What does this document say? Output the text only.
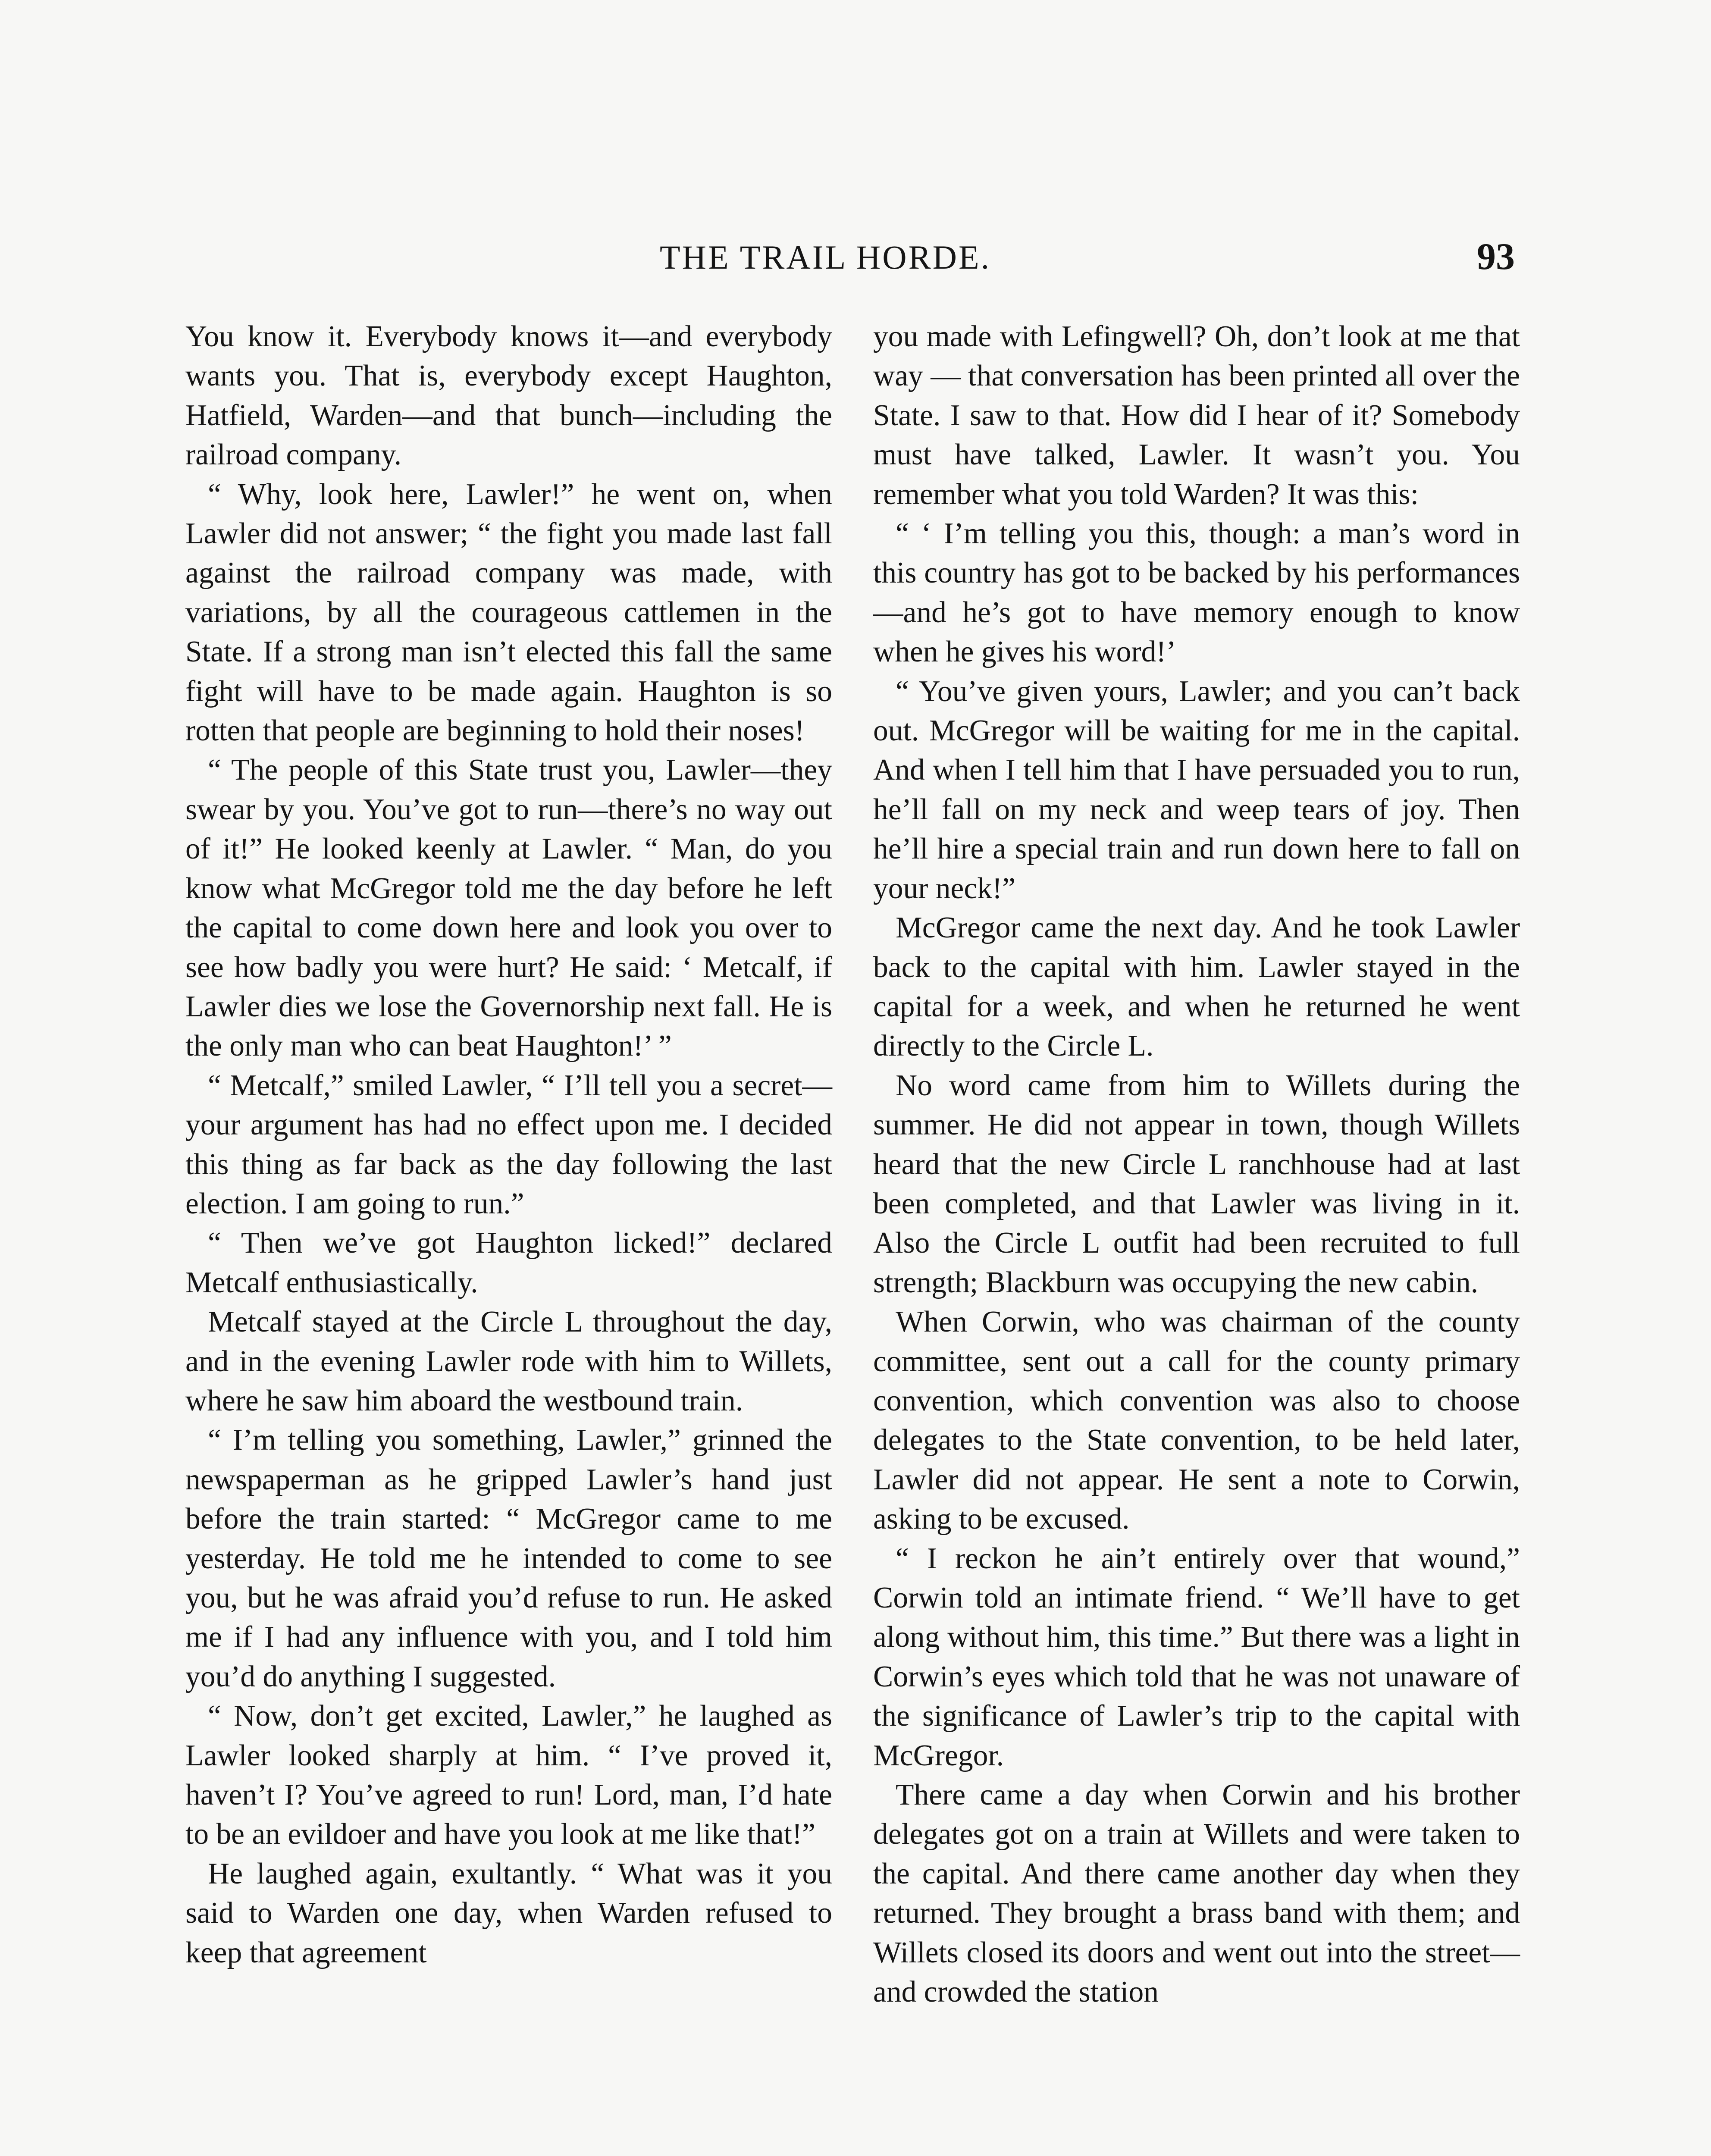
THE TRAIL HORDE.	93

You know it. Everybody knows it—and everybody wants you. That is, everybody except Haughton, Hatfield, Warden—and that bunch—including the railroad company.

“ Why, look here, Lawler!” he went on, when Lawler did not answer; “ the fight you made last fall against the railroad company was made, with variations, by all the courageous cattlemen in the State. If a strong man isn’t elected this fall the same fight will have to be made again. Haughton is so rotten that people are beginning to hold their noses!

“ The people of this State trust you, Lawler—they swear by you. You’ve got to run—there’s no way out of it!” He looked keenly at Lawler. “ Man, do you know what McGregor told me the day before he left the capital to come down here and look you over to see how badly you were hurt? He said: ‘ Metcalf, if Lawler dies we lose the Governorship next fall. He is the only man who can beat Haughton!’ ”

“ Metcalf,” smiled Lawler, “ I’ll tell you a secret—your argument has had no effect upon me. I decided this thing as far back as the day following the last election. I am going to run.”

“ Then we’ve got Haughton licked!” declared Metcalf enthusiastically.

Metcalf stayed at the Circle L throughout the day, and in the evening Lawler rode with him to Willets, where he saw him aboard the westbound train.

“ I’m telling you something, Lawler,” grinned the newspaperman as he gripped Lawler’s hand just before the train started: “ McGregor came to me yesterday. He told me he intended to come to see you, but he was afraid you’d refuse to run. He asked me if I had any influence with you, and I told him you’d do anything I suggested.

“ Now, don’t get excited, Lawler,” he laughed as Lawler looked sharply at him. “ I’ve proved it, haven’t I? You’ve agreed to run! Lord, man, I’d hate to be an evildoer and have you look at me like that!”

He laughed again, exultantly. “ What was it you said to Warden one day, when Warden refused to keep that agreement

you made with Lefingwell? Oh, don’t look at me that way — that conversation has been printed all over the State. I saw to that. How did I hear of it? Somebody must have talked, Lawler. It wasn’t you. You remember what you told Warden? It was this:

“ ‘ I’m telling you this, though: a man’s word in this country has got to be backed by his performances—and he’s got to have memory enough to know when he gives his word!’

“ You’ve given yours, Lawler; and you can’t back out. McGregor will be waiting for me in the capital. And when I tell him that I have persuaded you to run, he’ll fall on my neck and weep tears of joy. Then he’ll hire a special train and run down here to fall on your neck!”

McGregor came the next day. And he took Lawler back to the capital with him. Lawler stayed in the capital for a week, and when he returned he went directly to the Circle L.

No word came from him to Willets during the summer. He did not appear in town, though Willets heard that the new Circle L ranchhouse had at last been completed, and that Lawler was living in it. Also the Circle L outfit had been recruited to full strength; Blackburn was occupying the new cabin.

When Corwin, who was chairman of the county committee, sent out a call for the county primary convention, which convention was also to choose delegates to the State convention, to be held later, Lawler did not appear. He sent a note to Corwin, asking to be excused.

“ I reckon he ain’t entirely over that wound,” Corwin told an intimate friend. “ We’ll have to get along without him, this time.” But there was a light in Corwin’s eyes which told that he was not unaware of the significance of Lawler’s trip to the capital with McGregor.

There came a day when Corwin and his brother delegates got on a train at Willets and were taken to the capital. And there came another day when they returned. They brought a brass band with them; and Willets closed its doors and went out into the street—and crowded the station
